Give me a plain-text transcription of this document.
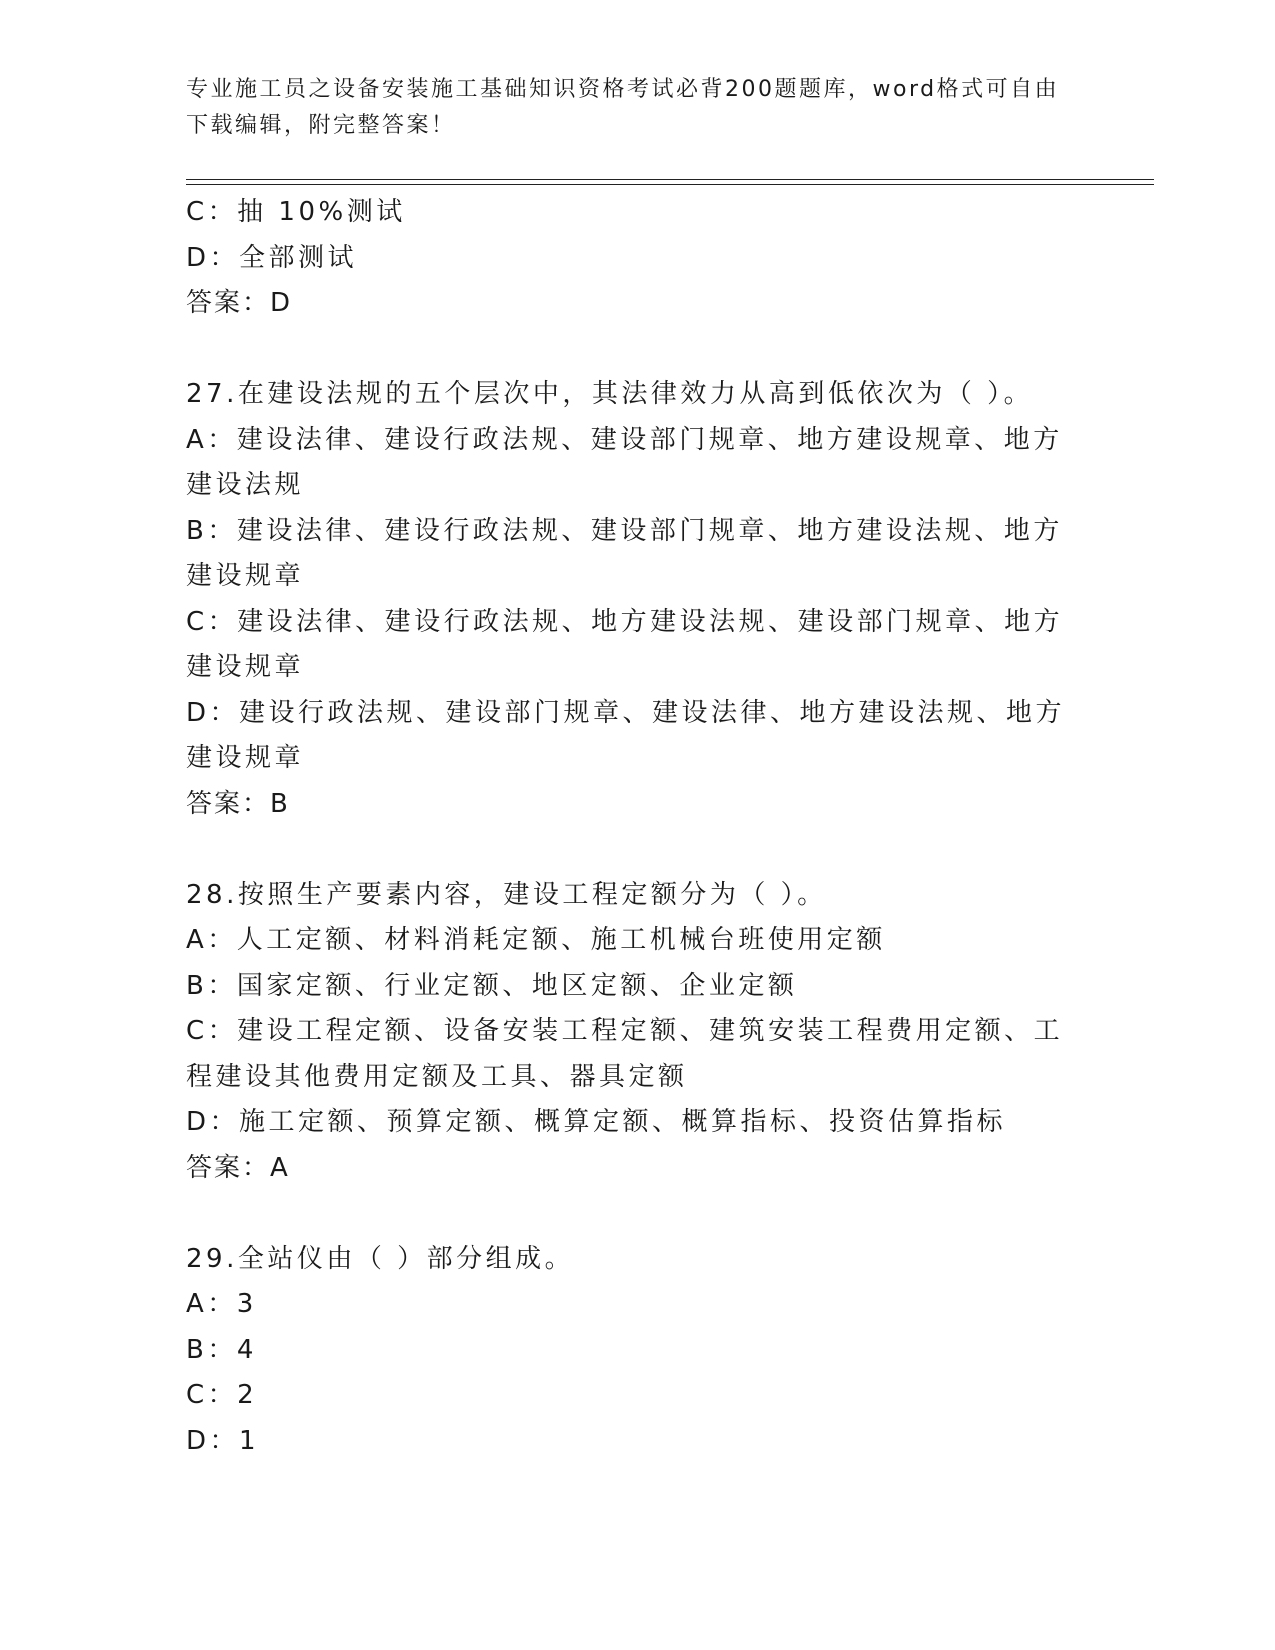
专业施工员之设备安装施工基础知识资格考试必背200题题库，word格式可自由
下载编辑，附完整答案！
C：抽 10%测试
D：全部测试
答案：D
27.在建设法规的五个层次中，其法律效力从高到低依次为（ ）。
A：建设法律、建设行政法规、建设部门规章、地方建设规章、地方建设法规
B：建设法律、建设行政法规、建设部门规章、地方建设法规、地方建设规章
C：建设法律、建设行政法规、地方建设法规、建设部门规章、地方建设规章
D：建设行政法规、建设部门规章、建设法律、地方建设法规、地方建设规章
答案：B
28.按照生产要素内容，建设工程定额分为（ ）。
A：人工定额、材料消耗定额、施工机械台班使用定额
B：国家定额、行业定额、地区定额、企业定额
C：建设工程定额、设备安装工程定额、建筑安装工程费用定额、工程建设其他费用定额及工具、器具定额
D：施工定额、预算定额、概算定额、概算指标、投资估算指标
答案：A
29.全站仪由（ ）部分组成。
A：3
B：4
C：2
D：1
